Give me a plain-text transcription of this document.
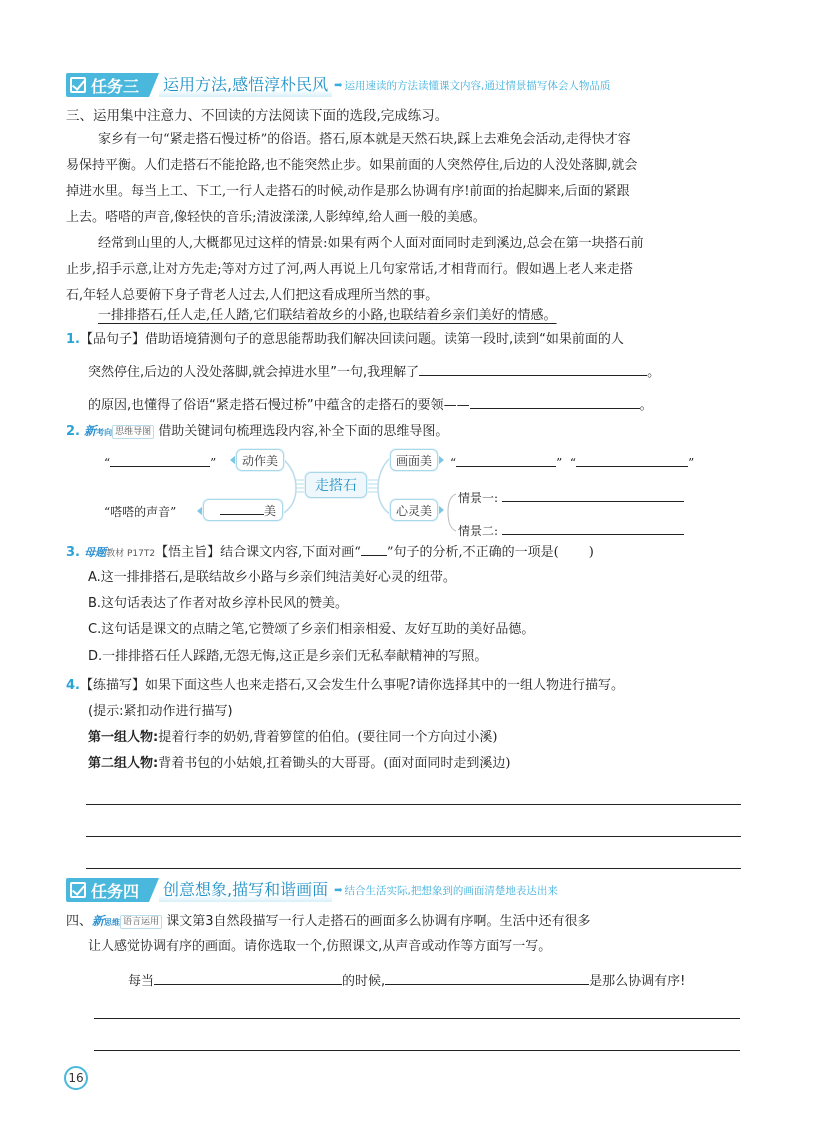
任务三 运用方法,感悟淳朴民风 ➡ 运用速读的方法读懂课文内容,通过情景描写体会人物品质
三、运用集中注意力、不回读的方法阅读下面的选段,完成练习。
家乡有一句“紧走搭石慢过桥”的俗语。搭石,原本就是天然石块,踩上去难免会活动,走得快才容
易保持平衡。人们走搭石不能抢路,也不能突然止步。如果前面的人突然停住,后边的人没处落脚,就会
掉进水里。每当上工、下工,一行人走搭石的时候,动作是那么协调有序!前面的抬起脚来,后面的紧跟
上去。嗒嗒的声音,像轻快的音乐;清波漾漾,人影绰绰,给人画一般的美感。
经常到山里的人,大概都见过这样的情景:如果有两个人面对面同时走到溪边,总会在第一块搭石前
止步,招手示意,让对方先走;等对方过了河,两人再说上几句家常话,才相背而行。假如遇上老人来走搭
石,年轻人总要俯下身子背老人过去,人们把这看成理所当然的事。
一排排搭石,任人走,任人踏,它们联结着故乡的小路,也联结着乡亲们美好的情感。
1.【品句子】借助语境猜测句子的意思能帮助我们解决回读问题。读第一段时,读到“如果前面的人
突然停住,后边的人没处落脚,就会掉进水里”一句,我理解了	。
的原因,也懂得了俗语“紧走搭石慢过桥”中蕴含的走搭石的要领——	。
2. 新考向 思维导图 借助关键词句梳理选段内容,补全下面的思维导图。
动作美
走搭石
美
画面美
心灵美
“	”
“嗒嗒的声音”
“	” “	”
情景一:
情景二:
3. 母题教材 P17T2【悟主旨】结合课文内容,下面对画“ ”句子的分析,不正确的一项是( )
A.这一排排搭石,是联结故乡小路与乡亲们纯洁美好心灵的纽带。
B.这句话表达了作者对故乡淳朴民风的赞美。
C.这句话是课文的点睛之笔,它赞颂了乡亲们相亲相爱、友好互助的美好品德。
D.一排排搭石任人踩踏,无怨无悔,这正是乡亲们无私奉献精神的写照。
4.【练描写】如果下面这些人也来走搭石,又会发生什么事呢?请你选择其中的一组人物进行描写。
(提示:紧扣动作进行描写)
第一组人物:提着行李的奶奶,背着箩筐的伯伯。(要往同一个方向过小溪)
第二组人物:背着书包的小姑娘,扛着锄头的大哥哥。(面对面同时走到溪边)
任务四 创意想象,描写和谐画面 ➡ 结合生活实际,把想象到的画面清楚地表达出来
四、新思维 语言运用 课文第3自然段描写一行人走搭石的画面多么协调有序啊。生活中还有很多
让人感觉协调有序的画面。请你选取一个,仿照课文,从声音或动作等方面写一写。
每当	的时候,	是那么协调有序!
16
